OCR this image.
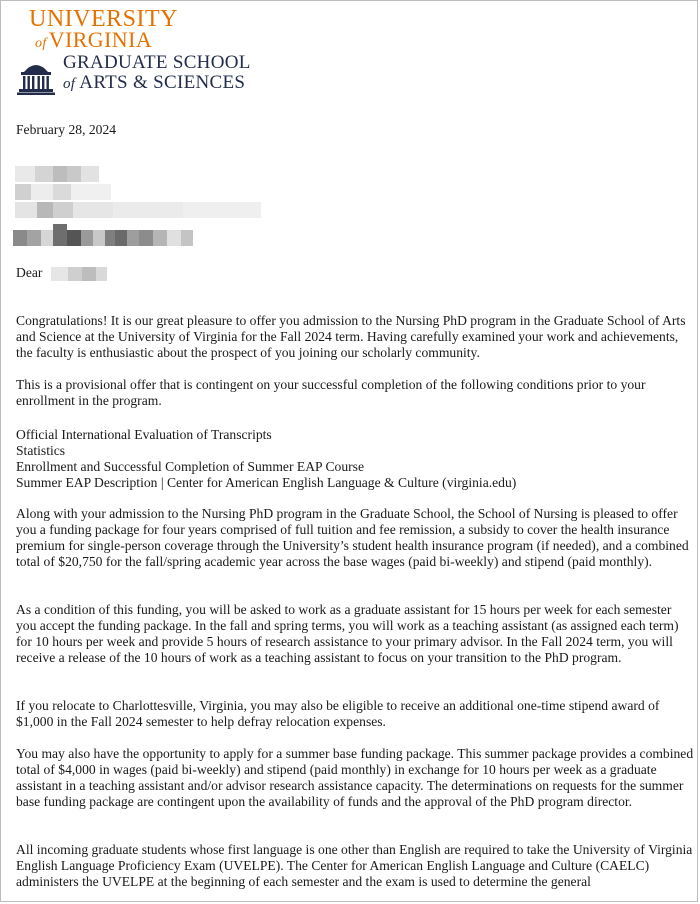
UNIVERSITY
ofVIRGINIA
GRADUATE SCHOOL
of ARTS & SCIENCES

February 28, 2024

Dear

Congratulations! It is our great pleasure to offer you admission to the Nursing PhD program in the Graduate School of Arts and Science at the University of Virginia for the Fall 2024 term. Having carefully examined your work and achievements, the faculty is enthusiastic about the prospect of you joining our scholarly community.

This is a provisional offer that is contingent on your successful completion of the following conditions prior to your enrollment in the program.

Official International Evaluation of Transcripts
Statistics
Enrollment and Successful Completion of Summer EAP Course
Summer EAP Description | Center for American English Language & Culture (virginia.edu)

Along with your admission to the Nursing PhD program in the Graduate School, the School of Nursing is pleased to offer you a funding package for four years comprised of full tuition and fee remission, a subsidy to cover the health insurance premium for single-person coverage through the University’s student health insurance program (if needed), and a combined total of $20,750 for the fall/spring academic year across the base wages (paid bi-weekly) and stipend (paid monthly).

As a condition of this funding, you will be asked to work as a graduate assistant for 15 hours per week for each semester you accept the funding package. In the fall and spring terms, you will work as a teaching assistant (as assigned each term) for 10 hours per week and provide 5 hours of research assistance to your primary advisor. In the Fall 2024 term, you will receive a release of the 10 hours of work as a teaching assistant to focus on your transition to the PhD program.

If you relocate to Charlottesville, Virginia, you may also be eligible to receive an additional one-time stipend award of $1,000 in the Fall 2024 semester to help defray relocation expenses.

You may also have the opportunity to apply for a summer base funding package. This summer package provides a combined total of $4,000 in wages (paid bi-weekly) and stipend (paid monthly) in exchange for 10 hours per week as a graduate assistant in a teaching assistant and/or advisor research assistance capacity. The determinations on requests for the summer base funding package are contingent upon the availability of funds and the approval of the PhD program director.

All incoming graduate students whose first language is one other than English are required to take the University of Virginia English Language Proficiency Exam (UVELPE). The Center for American English Language and Culture (CAELC) administers the UVELPE at the beginning of each semester and the exam is used to determine the general
